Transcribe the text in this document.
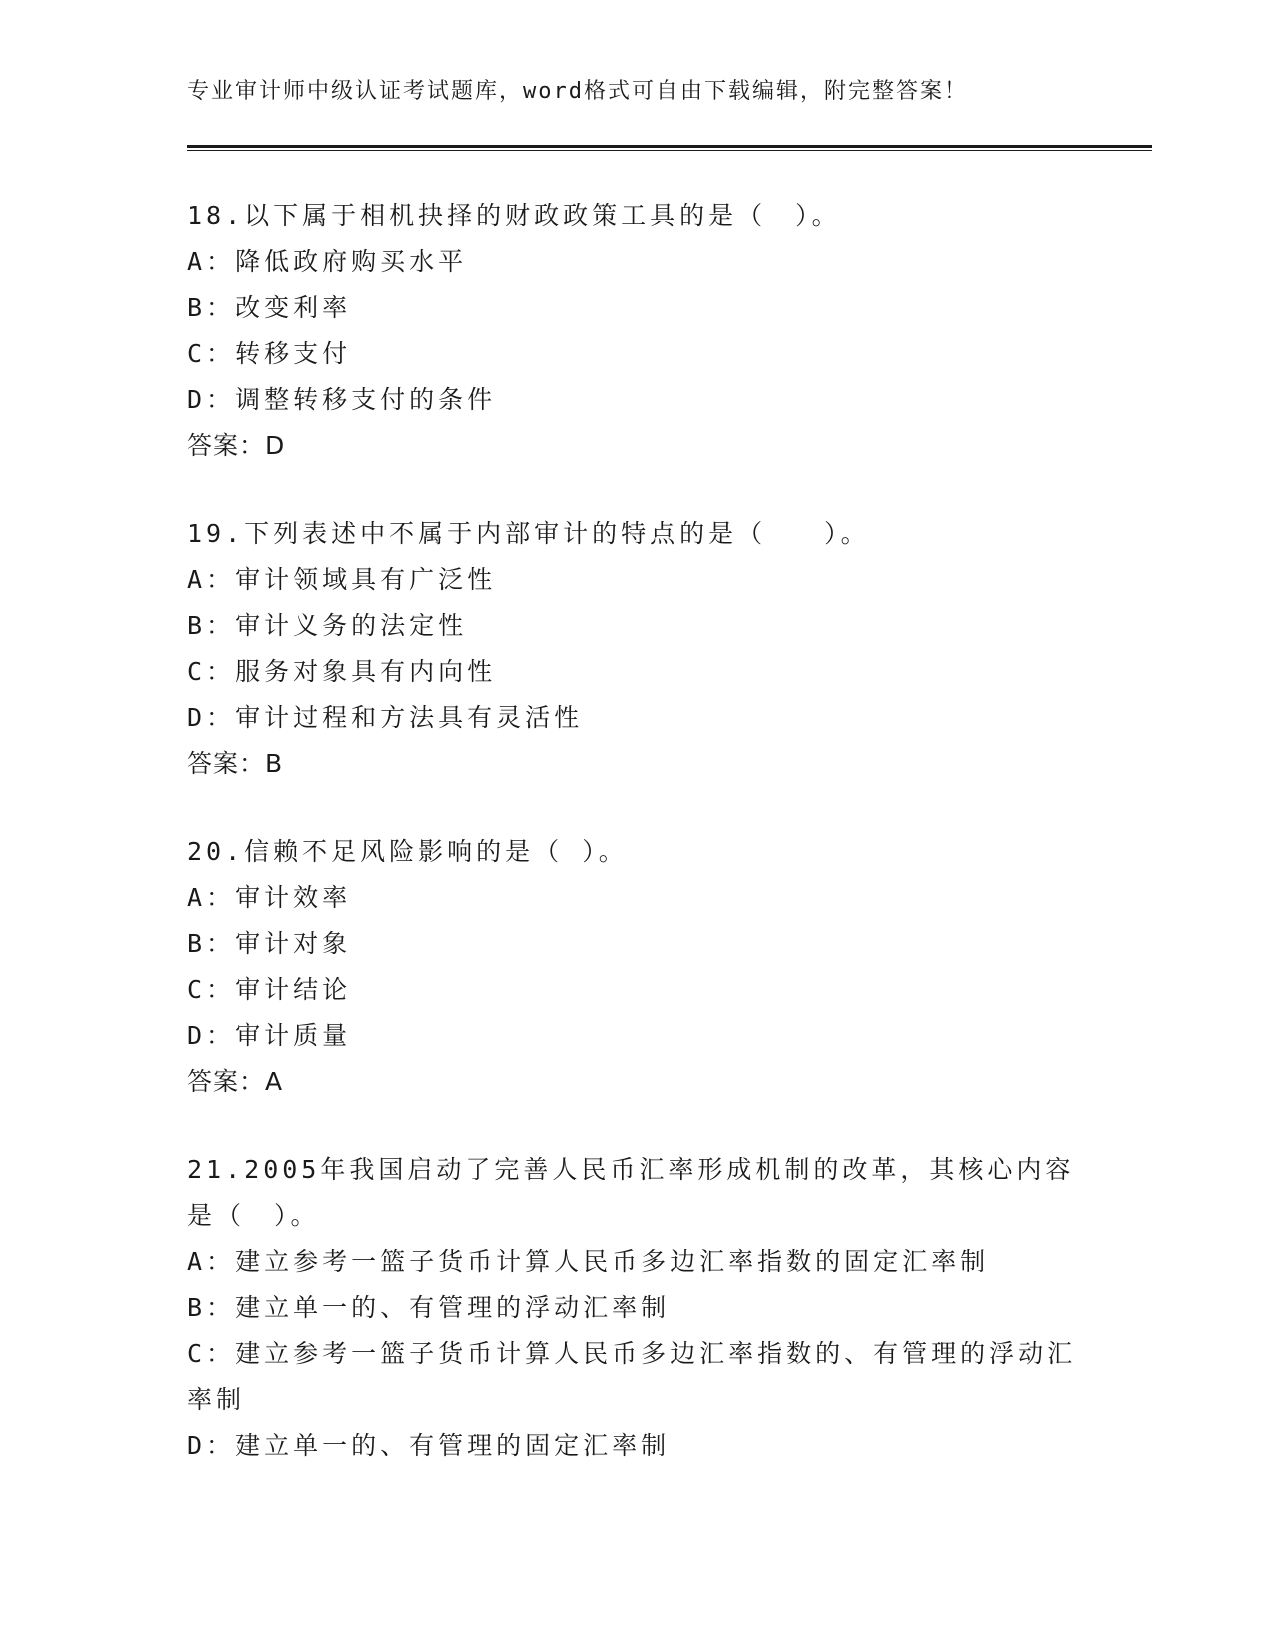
专业审计师中级认证考试题库，word格式可自由下载编辑，附完整答案！
18.以下属于相机抉择的财政政策工具的是（　）。
A：降低政府购买水平
B：改变利率
C：转移支付
D：调整转移支付的条件
答案：D
19.下列表述中不属于内部审计的特点的是（　　）。
A：审计领域具有广泛性
B：审计义务的法定性
C：服务对象具有内向性
D：审计过程和方法具有灵活性
答案：B
20.信赖不足风险影响的是（ ）。
A：审计效率
B：审计对象
C：审计结论
D：审计质量
答案：A
21.2005年我国启动了完善人民币汇率形成机制的改革，其核心内容是（　）。
A：建立参考一篮子货币计算人民币多边汇率指数的固定汇率制
B：建立单一的、有管理的浮动汇率制
C：建立参考一篮子货币计算人民币多边汇率指数的、有管理的浮动汇率制
D：建立单一的、有管理的固定汇率制
